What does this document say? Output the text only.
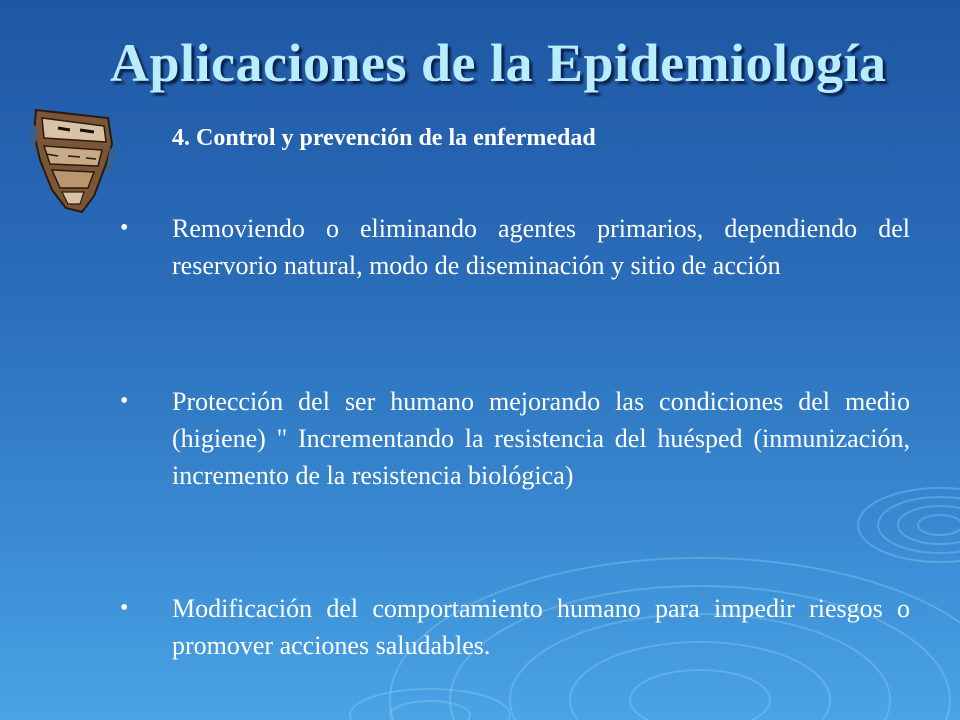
Aplicaciones de la Epidemiología
4. Control y prevención de la enfermedad
•	Removiendo o eliminando agentes primarios, dependiendo del reservorio natural, modo de diseminación y sitio de acción
•	Protección del ser humano mejorando las condiciones del medio (higiene) " Incrementando la resistencia del huésped (inmunización, incremento de la resistencia biológica)
•	Modificación del comportamiento humano para impedir riesgos o promover acciones saludables.
